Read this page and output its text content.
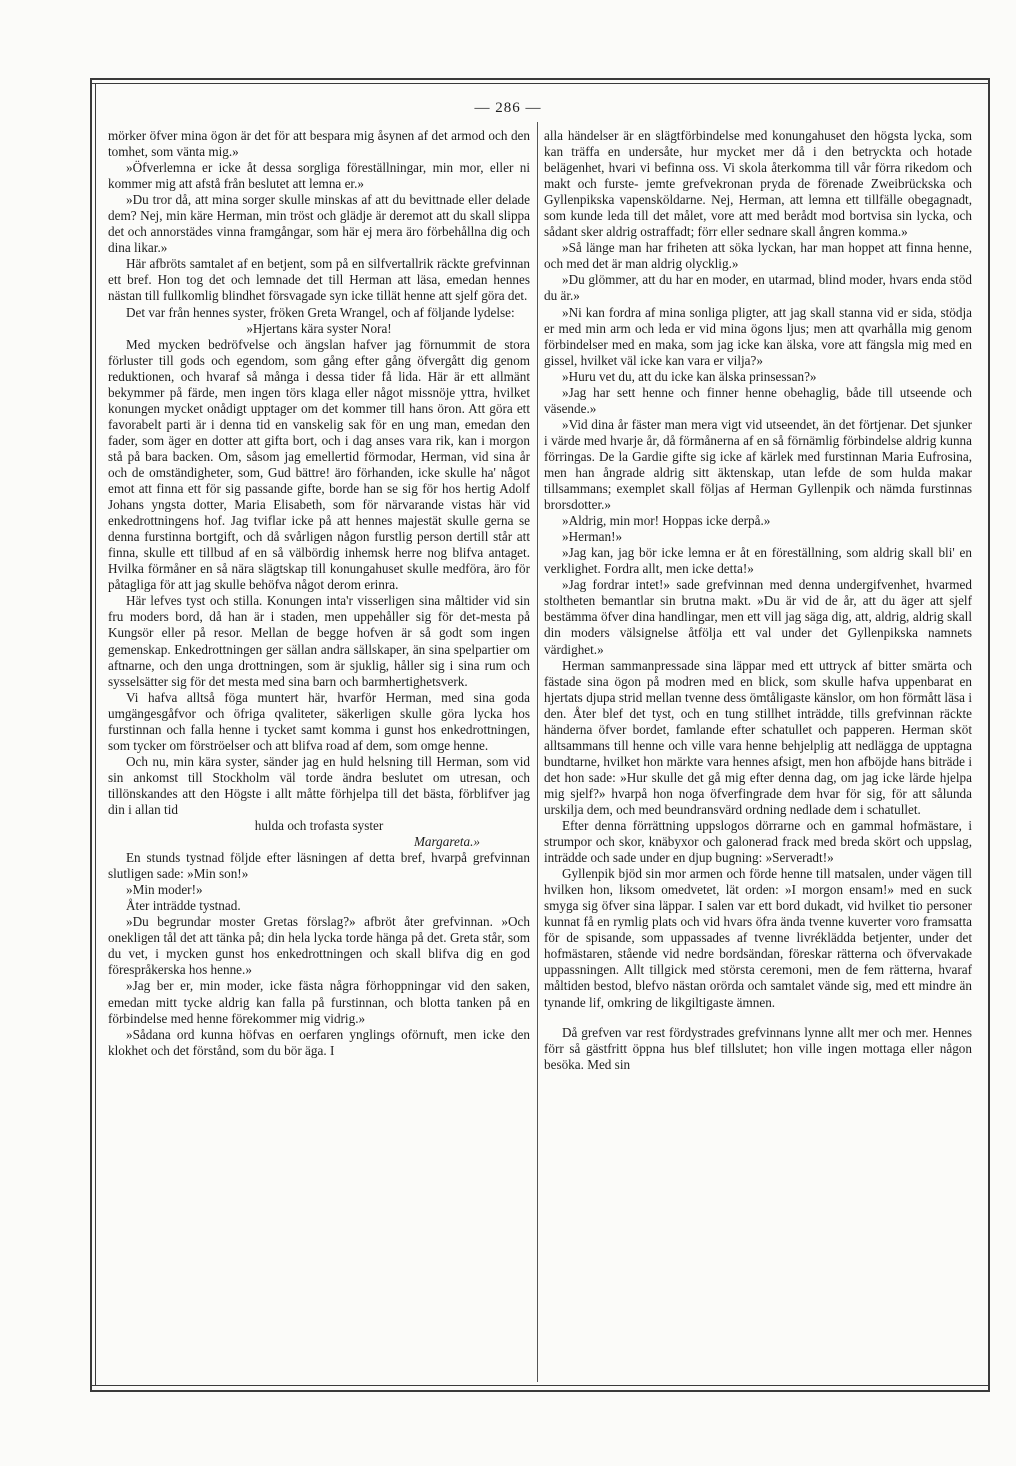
— 286 —

mörker öfver mina ögon är det för att bespara mig åsynen af det armod och den tomhet, som vänta mig.»

»Öfverlemna er icke åt dessa sorgliga föreställningar, min mor, eller ni kommer mig att afstå från beslutet att lemna er.»

»Du tror då, att mina sorger skulle minskas af att du bevittnade eller delade dem? Nej, min käre Herman, min tröst och glädje är deremot att du skall slippa det och annorstädes vinna framgångar, som här ej mera äro förbehållna dig och dina likar.»

Här afbröts samtalet af en betjent, som på en silfvertallrik räckte grefvinnan ett bref. Hon tog det och lemnade det till Herman att läsa, emedan hennes nästan till fullkomlig blindhet försvagade syn icke tillät henne att sjelf göra det.

Det var från hennes syster, fröken Greta Wrangel, och af följande lydelse:

»Hjertans kära syster Nora!

Med mycken bedröfvelse och ängslan hafver jag förnummit de stora förluster till gods och egendom, som gång efter gång öfvergått dig genom reduktionen, och hvaraf så många i dessa tider få lida. Här är ett allmänt bekymmer på färde, men ingen törs klaga eller något missnöje yttra, hvilket konungen mycket onådigt upptager om det kommer till hans öron. Att göra ett favorabelt parti är i denna tid en vanskelig sak för en ung man, emedan den fader, som äger en dotter att gifta bort, och i dag anses vara rik, kan i morgon stå på bara backen. Om, såsom jag emellertid förmodar, Herman, vid sina år och de omständigheter, som, Gud bättre! äro förhanden, icke skulle ha' något emot att finna ett för sig passande gifte, borde han se sig för hos hertig Adolf Johans yngsta dotter, Maria Elisabeth, som för närvarande vistas här vid enkedrottningens hof. Jag tviflar icke på att hennes majestät skulle gerna se denna furstinna bortgift, och då svårligen någon furstlig person dertill står att finna, skulle ett tillbud af en så välbördig inhemsk herre nog blifva antaget. Hvilka förmåner en så nära slägtskap till konungahuset skulle medföra, äro för påtagliga för att jag skulle behöfva något derom erinra.

Här lefves tyst och stilla. Konungen inta'r visserligen sina måltider vid sin fru moders bord, då han är i staden, men uppehåller sig för det-mesta på Kungsör eller på resor. Mellan de begge hofven är så godt som ingen gemenskap. Enkedrottningen ger sällan andra sällskaper, än sina spelpartier om aftnarne, och den unga drottningen, som är sjuklig, håller sig i sina rum och sysselsätter sig för det mesta med sina barn och barmhertighetsverk.

Vi hafva alltså föga muntert här, hvarför Herman, med sina goda umgängesgåfvor och öfriga qvaliteter, säkerligen skulle göra lycka hos furstinnan och falla henne i tycket samt komma i gunst hos enkedrottningen, som tycker om förströelser och att blifva road af dem, som omge henne.

Och nu, min kära syster, sänder jag en huld helsning till Herman, som vid sin ankomst till Stockholm väl torde ändra beslutet om utresan, och tillönskandes att den Högste i allt måtte förhjelpa till det bästa, förblifver jag din i allan tid

hulda och trofasta syster

Margareta.»

En stunds tystnad följde efter läsningen af detta bref, hvarpå grefvinnan slutligen sade: »Min son!»

»Min moder!»

Åter inträdde tystnad.

»Du begrundar moster Gretas förslag?» afbröt åter grefvinnan. »Och onekligen tål det att tänka på; din hela lycka torde hänga på det. Greta står, som du vet, i mycken gunst hos enkedrottningen och skall blifva dig en god förespråkerska hos henne.»

»Jag ber er, min moder, icke fästa några förhoppningar vid den saken, emedan mitt tycke aldrig kan falla på furstinnan, och blotta tanken på en förbindelse med henne förekommer mig vidrig.»

»Sådana ord kunna höfvas en oerfaren ynglings oförnuft, men icke den klokhet och det förstånd, som du bör äga. I

alla händelser är en slägtförbindelse med konungahuset den högsta lycka, som kan träffa en undersåte, hur mycket mer då i den betryckta och hotade belägenhet, hvari vi befinna oss. Vi skola återkomma till vår förra rikedom och makt och furste- jemte grefvekronan pryda de förenade Zweibrückska och Gyllenpikska vapensköldarne. Nej, Herman, att lemna ett tillfälle obegagnadt, som kunde leda till det målet, vore att med berådt mod bortvisa sin lycka, och sådant sker aldrig ostraffadt; förr eller sednare skall ångren komma.»

»Så länge man har friheten att söka lyckan, har man hoppet att finna henne, och med det är man aldrig olycklig.»

»Du glömmer, att du har en moder, en utarmad, blind moder, hvars enda stöd du är.»

»Ni kan fordra af mina sonliga pligter, att jag skall stanna vid er sida, stödja er med min arm och leda er vid mina ögons ljus; men att qvarhålla mig genom förbindelser med en maka, som jag icke kan älska, vore att fängsla mig med en gissel, hvilket väl icke kan vara er vilja?»

»Huru vet du, att du icke kan älska prinsessan?»

»Jag har sett henne och finner henne obehaglig, både till utseende och väsende.»

»Vid dina år fäster man mera vigt vid utseendet, än det förtjenar. Det sjunker i värde med hvarje år, då förmånerna af en så förnämlig förbindelse aldrig kunna förringas. De la Gardie gifte sig icke af kärlek med furstinnan Maria Eufrosina, men han ångrade aldrig sitt äktenskap, utan lefde de som hulda makar tillsammans; exemplet skall följas af Herman Gyllenpik och nämda furstinnas brorsdotter.»

»Aldrig, min mor! Hoppas icke derpå.»

»Herman!»

»Jag kan, jag bör icke lemna er åt en föreställning, som aldrig skall bli' en verklighet. Fordra allt, men icke detta!»

»Jag fordrar intet!» sade grefvinnan med denna undergifvenhet, hvarmed stoltheten bemantlar sin brutna makt. »Du är vid de år, att du äger att sjelf bestämma öfver dina handlingar, men ett vill jag säga dig, att, aldrig, aldrig skall din moders välsignelse åtfölja ett val under det Gyllenpikska namnets värdighet.»

Herman sammanpressade sina läppar med ett uttryck af bitter smärta och fästade sina ögon på modren med en blick, som skulle hafva uppenbarat en hjertats djupa strid mellan tvenne dess ömtåligaste känslor, om hon förmått läsa i den. Åter blef det tyst, och en tung stillhet inträdde, tills grefvinnan räckte händerna öfver bordet, famlande efter schatullet och papperen. Herman sköt alltsammans till henne och ville vara henne behjelplig att nedlägga de upptagna bundtarne, hvilket hon märkte vara hennes afsigt, men hon afböjde hans biträde i det hon sade: »Hur skulle det gå mig efter denna dag, om jag icke lärde hjelpa mig sjelf?» hvarpå hon noga öfverfingrade dem hvar för sig, för att sålunda urskilja dem, och med beundransvärd ordning nedlade dem i schatullet.

Efter denna förrättning uppslogos dörrarne och en gammal hofmästare, i strumpor och skor, knäbyxor och galonerad frack med breda skört och uppslag, inträdde och sade under en djup bugning: »Serveradt!»

Gyllenpik bjöd sin mor armen och förde henne till matsalen, under vägen till hvilken hon, liksom omedvetet, lät orden: »I morgon ensam!» med en suck smyga sig öfver sina läppar. I salen var ett bord dukadt, vid hvilket tio personer kunnat få en rymlig plats och vid hvars öfra ända tvenne kuverter voro framsatta för de spisande, som uppassades af tvenne livréklädda betjenter, under det hofmästaren, stående vid nedre bordsändan, föreskar rätterna och öfvervakade uppassningen. Allt tillgick med största ceremoni, men de fem rätterna, hvaraf måltiden bestod, blefvo nästan orörda och samtalet vände sig, med ett mindre än tynande lif, omkring de likgiltigaste ämnen.

Då grefven var rest fördystrades grefvinnans lynne allt mer och mer. Hennes förr så gästfritt öppna hus blef tillslutet; hon ville ingen mottaga eller någon besöka. Med sin
